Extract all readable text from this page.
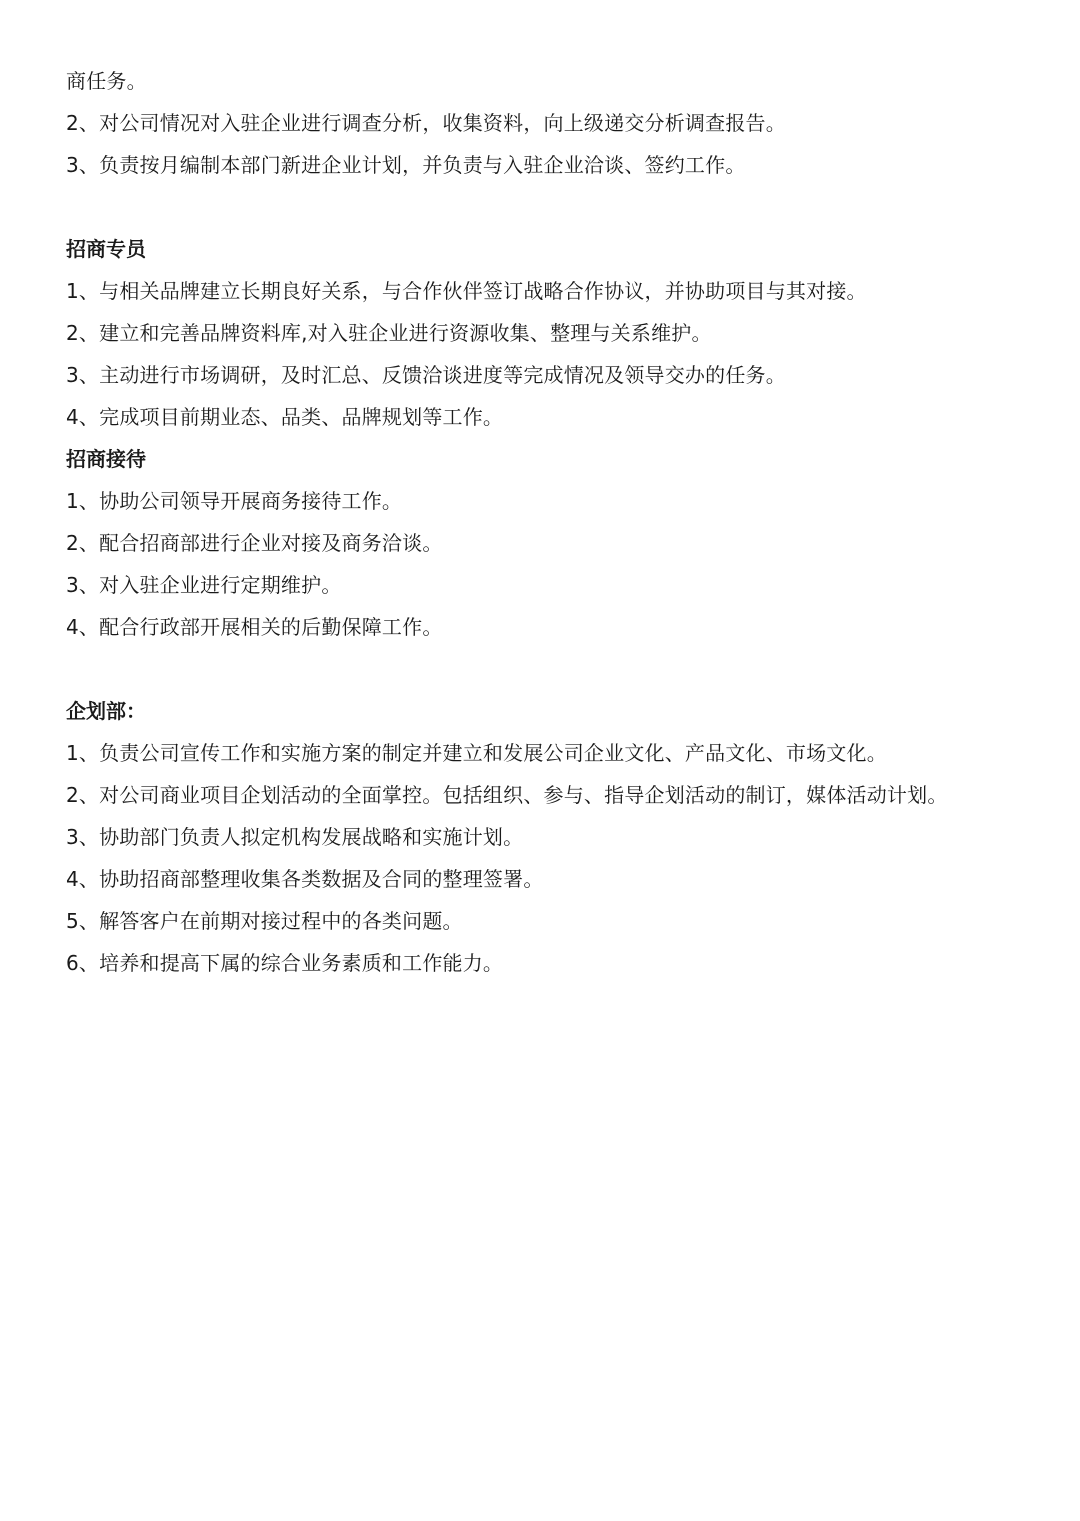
商任务。
2、对公司情况对入驻企业进行调查分析，收集资料，向上级递交分析调查报告。
3、负责按月编制本部门新进企业计划，并负责与入驻企业洽谈、签约工作。
招商专员
1、与相关品牌建立长期良好关系，与合作伙伴签订战略合作协议，并协助项目与其对接。
2、建立和完善品牌资料库,对入驻企业进行资源收集、整理与关系维护。
3、主动进行市场调研，及时汇总、反馈洽谈进度等完成情况及领导交办的任务。
4、完成项目前期业态、品类、品牌规划等工作。
招商接待
1、协助公司领导开展商务接待工作。
2、配合招商部进行企业对接及商务洽谈。
3、对入驻企业进行定期维护。
4、配合行政部开展相关的后勤保障工作。
企划部：
1、负责公司宣传工作和实施方案的制定并建立和发展公司企业文化、产品文化、市场文化。
2、对公司商业项目企划活动的全面掌控。包括组织、参与、指导企划活动的制订，媒体活动计划。
3、协助部门负责人拟定机构发展战略和实施计划。
4、协助招商部整理收集各类数据及合同的整理签署。
5、解答客户在前期对接过程中的各类问题。
6、培养和提高下属的综合业务素质和工作能力。
